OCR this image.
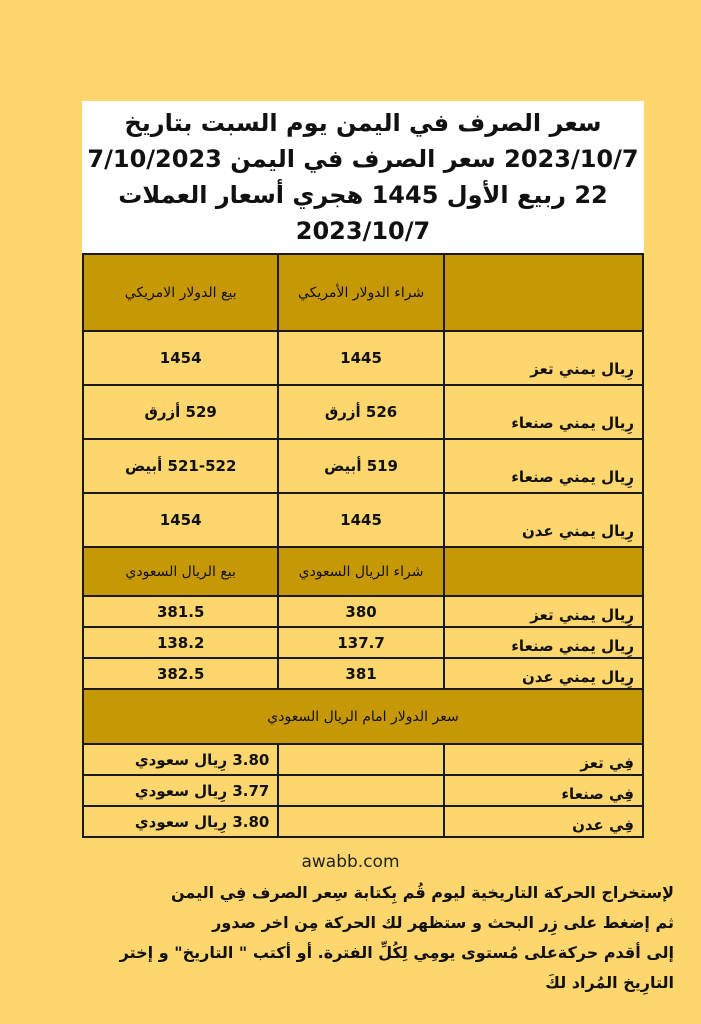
سعر الصرف في اليمن يوم السبت بتاريخ
2023/10/7 سعر الصرف في اليمن 7/10/2023
22 ربيع الأول 1445 هجري أسعار العملات
2023/10/7
	شراء الدولار الأمريكي	بيع الدولار الامريكي
رِيال يمني تعز	1445	1454
رِيال يمني صنعاء	526 أزرق	529 أزرق
رِيال يمني صنعاء	519 أبيض	521-522 أبيض
رِيال يمني عدن	1445	1454
	شراء الريال السعودي	بيع الريال السعودي
رِيال يمني تعز	380	381.5
رِيال يمني صنعاء	137.7	138.2
رِيال يمني عدن	381	382.5
سعر الدولار امام الريال السعودي		
فِي تعز		3.80 رِيال سعودي
فِي صنعاء		3.77 رِيال سعودي
فِي عدن		3.80 رِيال سعودي
awabb.com

لإستخراج الحركة التاريخية ليوم قُم بِكتابة سِعر الصرف فِي اليمن

ثم إضغط على زِر البحث و ستظهر لك الحركة مِن اخر صدور

إلى أقدم حركةعلى مُستوى يومِي لِكُلِّ الفترة. أو أكتب " التاريخ" و إختر

التارِيخ المُراد لكَ
